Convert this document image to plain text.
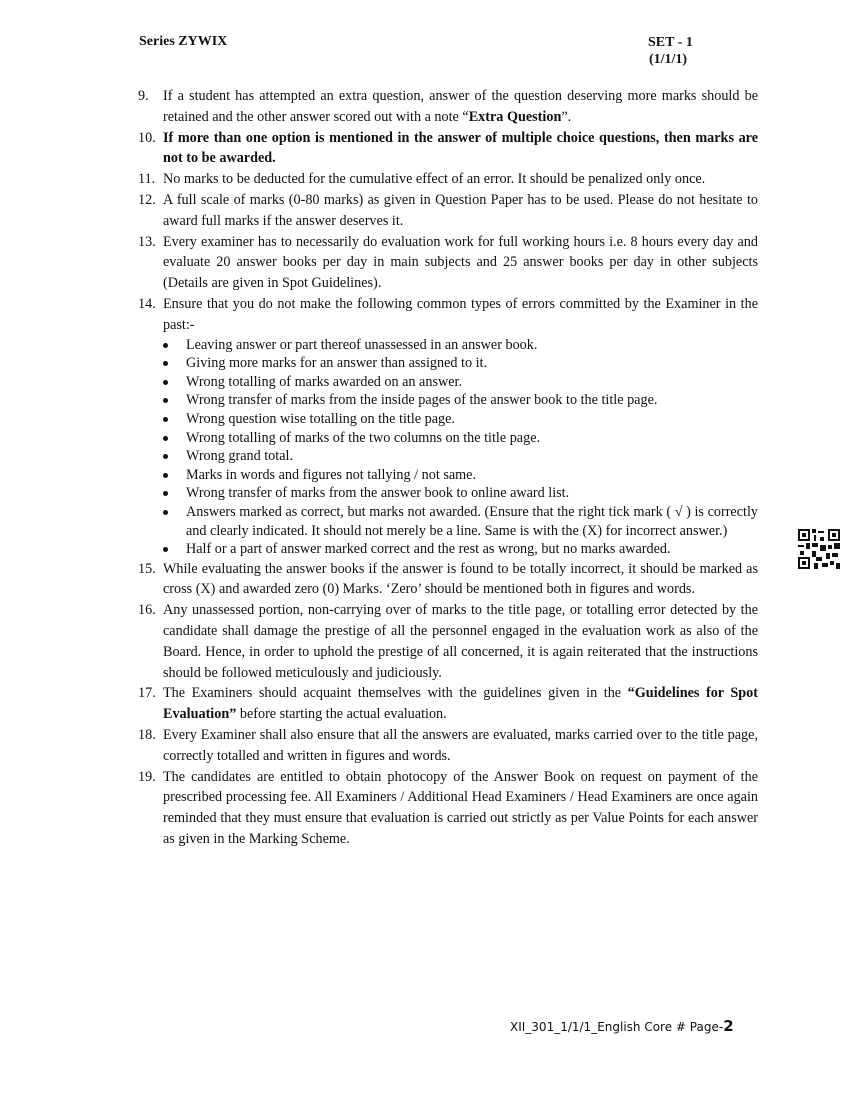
Series ZYWIX	SET - 1
(1/1/1)
9. If a student has attempted an extra question, answer of the question deserving more marks should be retained and the other answer scored out with a note “Extra Question”.
10. If more than one option is mentioned in the answer of multiple choice questions, then marks are not to be awarded.
11. No marks to be deducted for the cumulative effect of an error. It should be penalized only once.
12. A full scale of marks (0-80 marks) as given in Question Paper has to be used. Please do not hesitate to award full marks if the answer deserves it.
13. Every examiner has to necessarily do evaluation work for full working hours i.e. 8 hours every day and evaluate 20 answer books per day in main subjects and 25 answer books per day in other subjects (Details are given in Spot Guidelines).
14. Ensure that you do not make the following common types of errors committed by the Examiner in the past:-
Leaving answer or part thereof unassessed in an answer book.
Giving more marks for an answer than assigned to it.
Wrong totalling of marks awarded on an answer.
Wrong transfer of marks from the inside pages of the answer book to the title page.
Wrong question wise totalling on the title page.
Wrong totalling of marks of the two columns on the title page.
Wrong grand total.
Marks in words and figures not tallying / not same.
Wrong transfer of marks from the answer book to online award list.
Answers marked as correct, but marks not awarded. (Ensure that the right tick mark ( √ ) is correctly and clearly indicated. It should not merely be a line. Same is with the (X) for incorrect answer.)
Half or a part of answer marked correct and the rest as wrong, but no marks awarded.
15. While evaluating the answer books if the answer is found to be totally incorrect, it should be marked as cross (X) and awarded zero (0) Marks. ‘Zero’ should be mentioned both in figures and words.
16. Any unassessed portion, non-carrying over of marks to the title page, or totalling error detected by the candidate shall damage the prestige of all the personnel engaged in the evaluation work as also of the Board. Hence, in order to uphold the prestige of all concerned, it is again reiterated that the instructions should be followed meticulously and judiciously.
17. The Examiners should acquaint themselves with the guidelines given in the “Guidelines for Spot Evaluation” before starting the actual evaluation.
18. Every Examiner shall also ensure that all the answers are evaluated, marks carried over to the title page, correctly totalled and written in figures and words.
19. The candidates are entitled to obtain photocopy of the Answer Book on request on payment of the prescribed processing fee. All Examiners / Additional Head Examiners / Head Examiners are once again reminded that they must ensure that evaluation is carried out strictly as per Value Points for each answer as given in the Marking Scheme.
XII_301_1/1/1_English Core # Page-2
